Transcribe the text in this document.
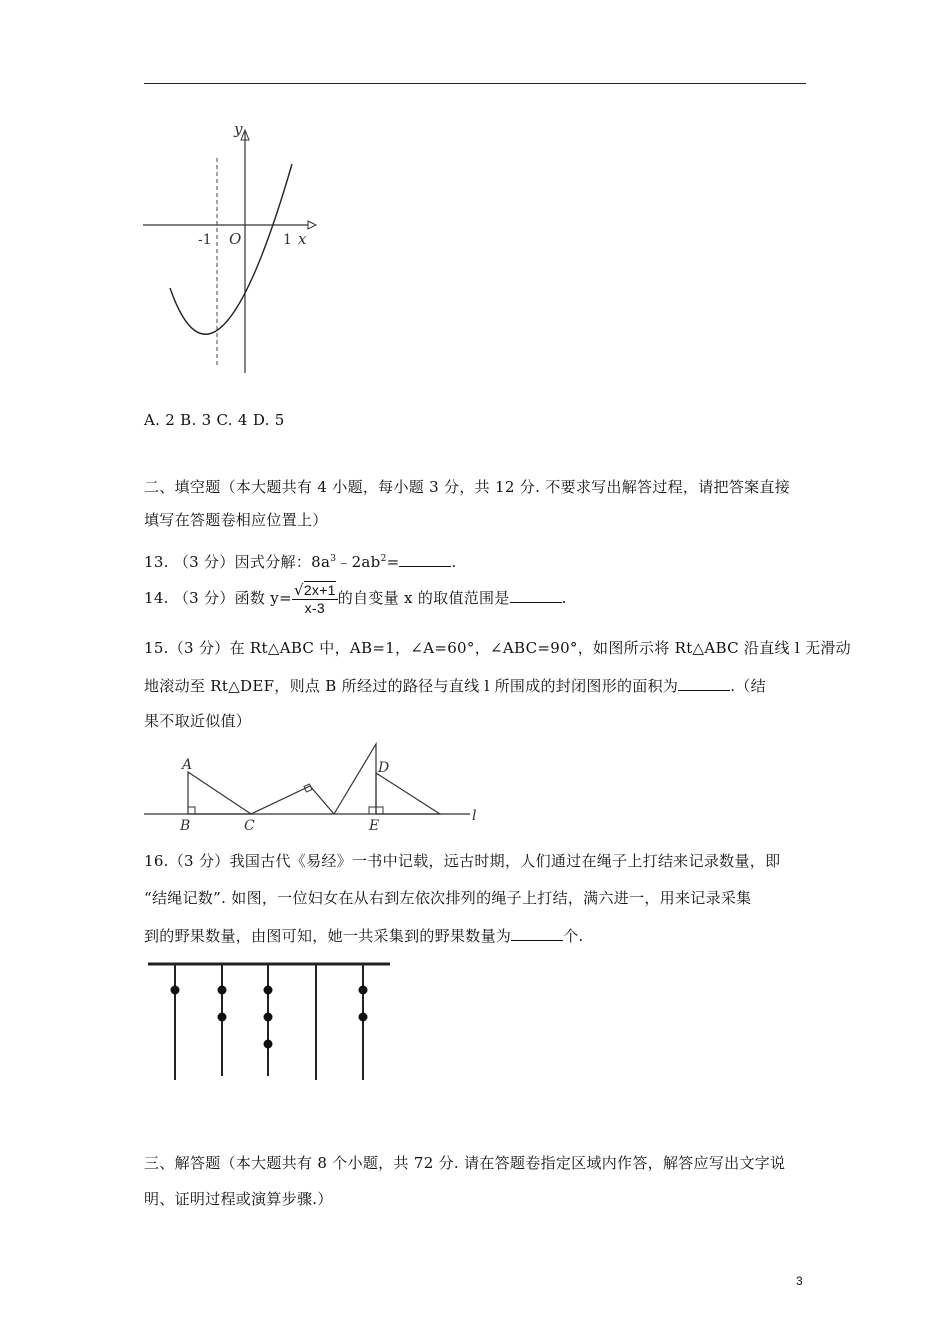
y
x
O
-1	1
A. 2 B. 3 C. 4 D. 5
二、填空题（本大题共有 4 小题，每小题 3 分，共 12 分. 不要求写出解答过程，请把答案直接
填写在答题卷相应位置上）
13. （3 分）因式分解：$8a^3﹣2ab^2=$	.
14. （3 分）函数 $y= \frac{√2x+1}{x-3}$ 的自变量 x 的取值范围是	.
15.（3 分）在 Rt△ABC 中，AB=1，∠A=60°，∠ABC=90°，如图所示将 Rt△ABC 沿直线 l 无滑动
地滚动至 Rt△DEF，则点 B 所经过的路径与直线 l 所围成的封闭图形的面积为	.（结
果不取近似值）
A
B	C
D
E
l
16.（3 分）我国古代《易经》一书中记载，远古时期，人们通过在绳子上打结来记录数量，即
“结绳记数”. 如图，一位妇女在从右到左依次排列的绳子上打结，满六进一，用来记录采集
到的野果数量，由图可知，她一共采集到的野果数量为	个.
三、解答题（本大题共有 8 个小题，共 72 分. 请在答题卷指定区域内作答，解答应写出文字说
明、证明过程或演算步骤.）
3
